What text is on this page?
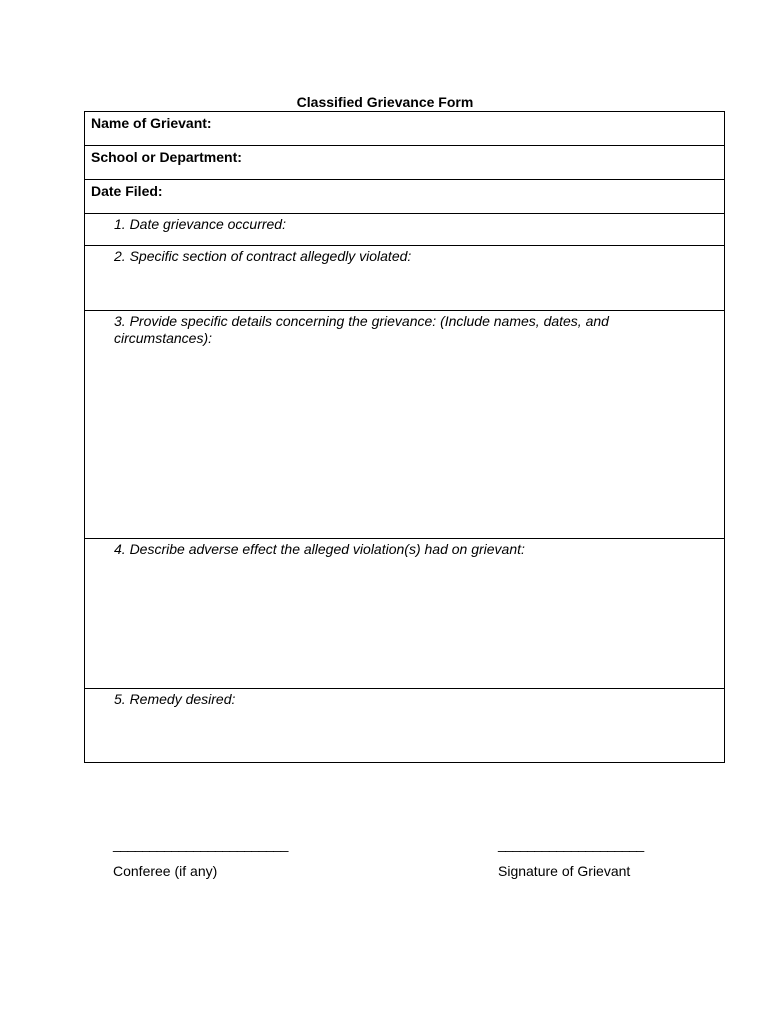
Classified Grievance Form
Name of Grievant:
School or Department:
Date Filed:
1. Date grievance occurred:
2. Specific section of contract allegedly violated:
3. Provide specific details concerning the grievance: (Include names, dates, and circumstances):
4. Describe adverse effect the alleged violation(s) had on grievant:
5. Remedy desired:
________________________
Conferee (if any)
____________________
Signature of Grievant
